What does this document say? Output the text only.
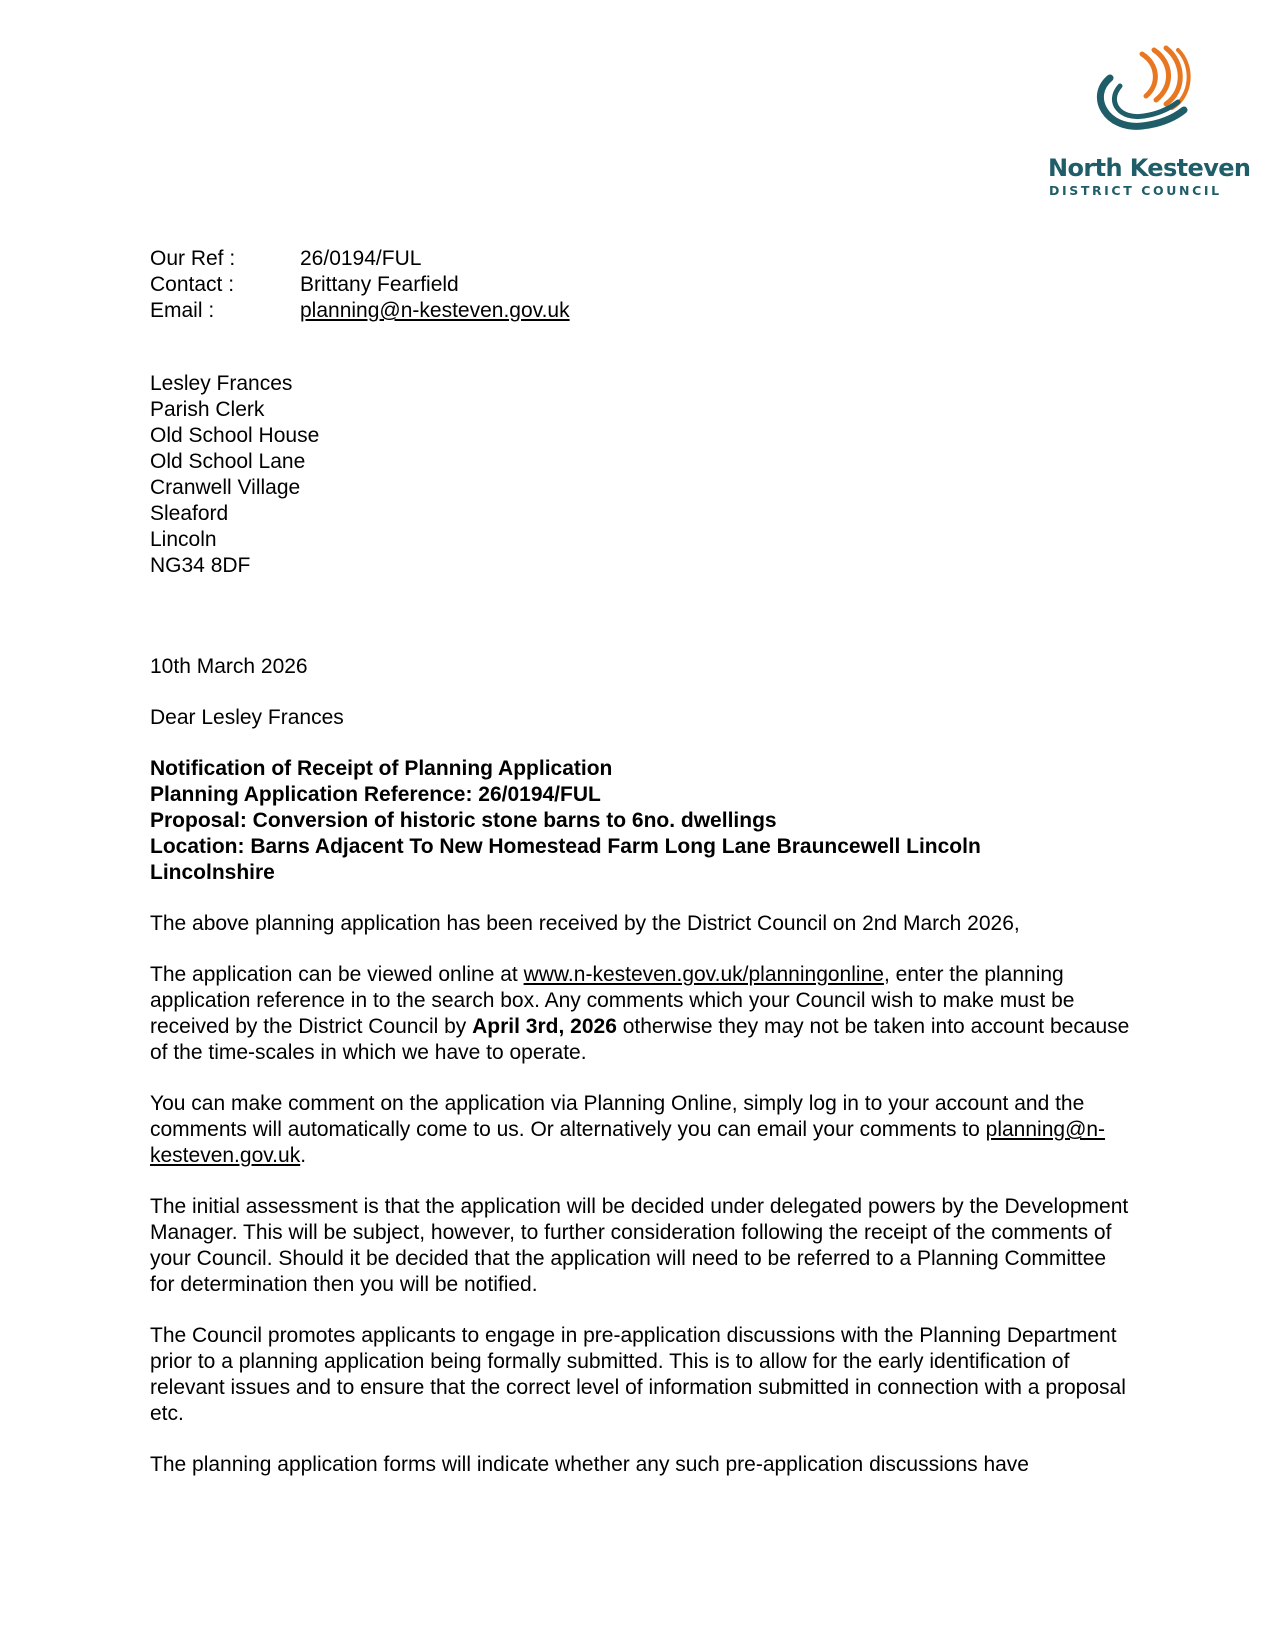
North Kesteven
DISTRICT COUNCIL
Our Ref :	26/0194/FUL
Contact :	Brittany Fearfield
Email :	planning@n-kesteven.gov.uk
Lesley Frances
Parish Clerk
Old School House
Old School Lane
Cranwell Village
Sleaford
Lincoln
NG34 8DF

10th March 2026

Dear Lesley Frances

Notification of Receipt of Planning Application
Planning Application Reference: 26/0194/FUL
Proposal: Conversion of historic stone barns to 6no. dwellings
Location: Barns Adjacent To New Homestead Farm Long Lane Brauncewell Lincoln
Lincolnshire

The above planning application has been received by the District Council on 2nd March 2026,

The application can be viewed online at www.n-kesteven.gov.uk/planningonline, enter the planning application reference in to the search box. Any comments which your Council wish to make must be received by the District Council by April 3rd, 2026 otherwise they may not be taken into account because of the time-scales in which we have to operate.

You can make comment on the application via Planning Online, simply log in to your account and the comments will automatically come to us. Or alternatively you can email your comments to planning@n-kesteven.gov.uk.

The initial assessment is that the application will be decided under delegated powers by the Development Manager. This will be subject, however, to further consideration following the receipt of the comments of your Council. Should it be decided that the application will need to be referred to a Planning Committee for determination then you will be notified.

The Council promotes applicants to engage in pre-application discussions with the Planning Department prior to a planning application being formally submitted. This is to allow for the early identification of relevant issues and to ensure that the correct level of information submitted in connection with a proposal etc.

The planning application forms will indicate whether any such pre-application discussions have
